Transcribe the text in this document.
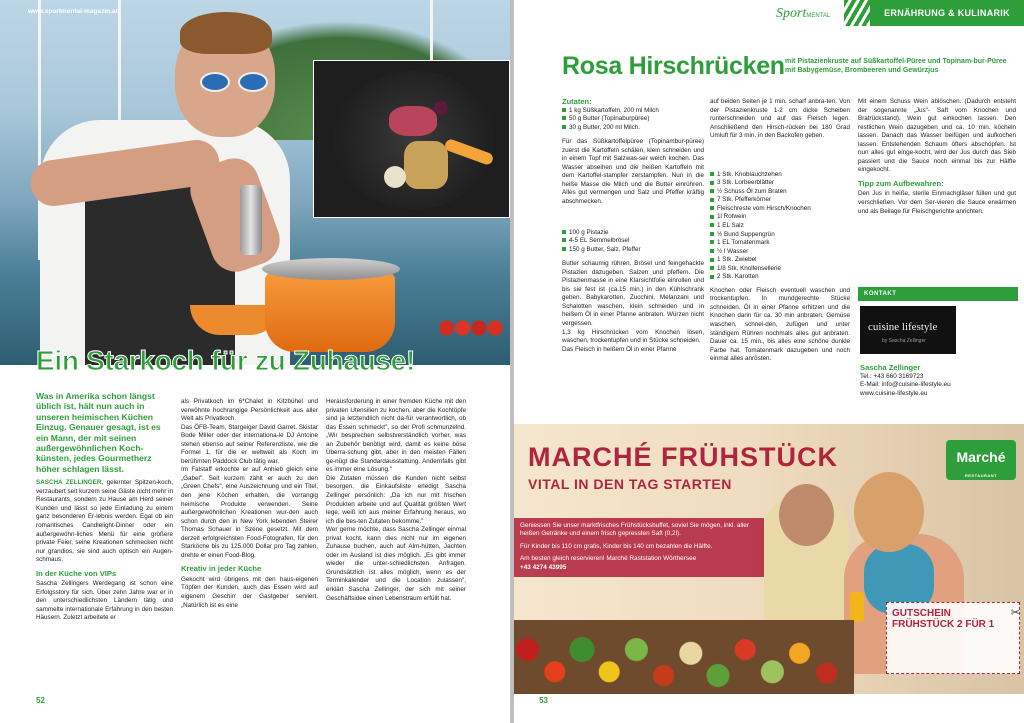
www.sportmental-magazin.at
Ein Starkoch für zu Zuhause!

Was in Amerika schon längst üblich ist, hält nun auch in unseren heimischen Küchen Einzug. Genauer gesagt, ist es ein Mann, der mit seinen außergewöhnlichen Koch-künsten, jedes Gourmetherz höher schlagen lässt.

SASCHA ZELLINGER, gelernter Spitzen-koch, verzaubert seit kurzem seine Gäste nicht mehr in Restaurants, sondern zu Hause am Herd seiner Kunden und lässt so jede Einladung zu einem ganz besonderen Er-lebnis werden. Egal ob ein romantisches Candlelight-Dinner oder ein außergewöhn-liches Menü für eine größere private Feier, seine Kreationen schmecken nicht nur grandios, sie sind auch optisch ein Augen-schmaus.

In der Küche von VIPs

Sascha Zellingers Werdegang ist schon eine Erfolgsstory für sich. Über zehn Jahre war er in den unterschiedlichsten Ländern tätig und sammelte internationale Erfahrung in den besten Häusern. Zuletzt arbeitete er

als Privatkoch im 6*Chalet in Kitzbühel und verwöhnte hochrangige Persönlichkeit aus aller Welt als Privatkoch.

Das ÖFB-Team, Stargeiger David Garret, Skistar Bode Miller oder der internationa-le DJ Antoine stehen ebenso auf seiner Referenzliste, wie die Formel 1, für die er weltweit als Koch im berühmten Paddock Club tätig war.

Im Falstaff erkochte er auf Anhieb gleich eine „Gabel". Seit kurzem zählt er auch zu den „Green Chefs", eine Auszeichnung und ein Titel, den jene Köchen erhalten, die vorrangig heimische Produkte verwenden. Seine außergewöhnlichen Kreationen wur-den auch schon durch den in New York lebenden Steirer Thomas Schauer in Szene gesetzt. Mit dem derzeit erfolgreichsten Food-Fotografen, für den Starköche bis zu 125.000 Dollar pro Tag zahlen, drehte er einen Food-Blog.

Kreativ in jeder Küche

Gekocht wird übrigens mit den haus-eigenen Töpfen der Kunden, auch das Essen wird auf eigenem Geschirr der Gastgeber serviert. „Natürlich ist es eine

Herausforderung in einer fremden Küche mit den privaten Utensilien zu kochen, aber die Kochtöpfe sind ja letztendlich nicht da-für verantwortlich, ob das Essen schmeckt", so der Profi schmunzelnd. „Wir besprechen selbstverständlich vorher, was an Zubehör benötigt wird, damit es keine böse Überra-schung gibt, aber in den meisten Fällen ge-nügt die Standardausstattung. Andernfalls gibt es immer eine Lösung."

Die Zutaten müssen die Kunden nicht selbst besorgen, die Einkaufsliste erledigt Sascha Zellinger persönlich: „Da ich nur mit frischen Produkten arbeite und auf Qualität größten Wert lege, weiß ich aus meiner Erfahrung heraus, wo ich die bes-ten Zutaten bekomme."

Wer gerne möchte, dass Sascha Zellinger einmal privat kocht, kann dies nicht nur im eigenen Zuhause buchen, auch auf Alm-hütten, Jachten oder im Ausland ist dies möglich. „Es gibt immer wieder die unter-schiedlichsten Anfragen. Grundsätzlich ist alles möglich, wenn es der Terminkalender und die Location zulassen", erklärt Sascha Zellinger, der sich mit seiner Geschäftsidee einen Lebenstraum erfüllt hat.

52
SportMENTAL	ERNÄHRUNG & KULINARIK
Rosa Hirschrücken mit Pistazienkruste auf Süßkartoffel-Püree und Topinam-bur-Püree mit Babygemüse, Brombeeren und Gewürzjus

Zutaten:

1 kg Süßkartoffeln, 200 ml Milch
50 g Butter (Topinaburpüree)
30 g Butter, 200 ml Milch.

Für das Süßkartoffelpüree (Topinambur-püree) zuerst die Kartoffeln schälen, klein schneiden und in einem Topf mit Salzwas-ser weich kochen. Das Wasser abseihen und die heißen Kartoffeln mit dem Kartoffel-stampfer zerstampfen. Nun in die heiße Masse die Milch und die Butter einrühren. Alles gut vermengen und Salz und Pfeffer kräftig abschmecken.

100 g Pistazie
4-5 EL Semmelbrösel
150 g Butter, Salz, Pfeffer

Butter schaumig rühren, Brösel und feingehackte Pistazien dazugeben. Salzen und pfeffern. Die Pistazienmasse in eine Klarsichtfolie einrollen und bis sie fest ist (ca.15 min.) in den Kühlschrank geben. Babykarotten, Zucchini, Melanzani und Schalotten waschen, klein schneiden und in heißem Öl in einer Pfanne anbraten. Würzen nicht vergessen.

1,3 kg Hirschrücken vom Knochen lösen, waschen, trockentupfen und in Stücke schneiden.

Das Fleisch in heißem Öl in einer Pfanne

auf beiden Seiten je 1 min. scharf anbra-ten. Von der Pistazienkruste 1-2 cm dicke Scheiben runterschneiden und auf das Fleisch legen. Anschließend den Hirsch-rücken bei 180 Grad Umluft für 3 min. in den Backofen geben.

1 Stk. Knoblauchzehen
3 Stk. Lorbeerblätter
½ Schuss Öl zum Braten
7 Stk. Pfefferkörner
Fleischreste vom Hirsch/Knochen
1l Rotwein
1 EL Salz
½ Bund Suppengrün
1 EL Tomatenmark
½ l Wasser
1 Stk. Zwiebel
1/8 Stk. Knollensellerie
2 Stk. Karotten

Knochen oder Fleisch eventuell waschen und trockentupfen. In mundgerechte Stücke schneiden. Öl in einer Pfanne erhitzen und die Knochen darin für ca. 30 min anbraten. Gemüse waschen, schnei-den, zufügen und unter ständigem Rühren nochmals alles gut anbraten. Dauer ca. 15 min., bis alles eine schöne dunkle Farbe hat. Tomatenmark dazugeben und noch einmal alles anrösten.

Mit einem Schuss Wein ablöschen. (Dadurch entsteht der sogenannte „Jus"- Saft vom Knochen und Bratrückstand). Wein gut einkochen lassen. Den restlichen Wein dazugeben und ca. 10 min. köcheln lassen. Danach das Wasser beifügen und aufkochen lassen. Entstehenden Schaum öfters abschöpfen. Ist nun alles gut einge-kocht, wird der Jus durch das Sieb passiert und die Sauce noch einmal bis zur Hälfte eingekocht.

Tipp zum Aufbewahren:

Den Jus in heiße, sterile Einmachgläser füllen und gut verschließen. Vor dem Ser-vieren die Sauce erwärmen und als Beilage für Fleischgerichte anrichten.

KONTAKT
cuisine lifestyle
by Sascha Zellinger
Sascha Zellinger
Tel.: +43 660 3169723
E-Mail: info@cuisine-lifestyle.eu
www.cuisine-lifestyle.eu
MARCHÉ FRÜHSTÜCK
VITAL IN DEN TAG STARTEN
Marché
RESTAURANT

Geniessen Sie unser marktfrisches Frühstücksbuffet, soviel Sie mögen, inkl. aller heißen Getränke und einem frisch gepressten Saft (0,2l).

Für Kinder bis 110 cm gratis, Kinder bis 140 cm bezahlen die Hälfte.

Am besten gleich reservieren! Marché Raststation Wörthersee

+43 4274 43995

GUTSCHEIN
FRÜHSTÜCK 2 FÜR 1
✂
53
